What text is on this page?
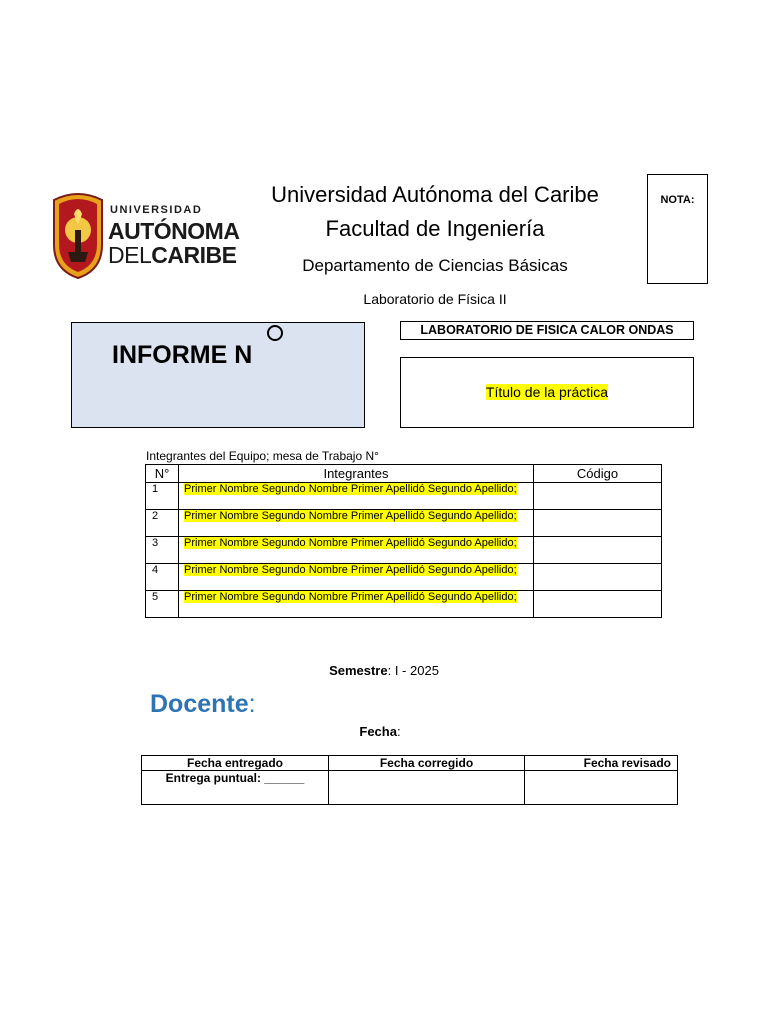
UNIVERSIDAD
AUTÓNOMA
DELCARIBE
Universidad Autónoma del Caribe
Facultad de Ingeniería
Departamento de Ciencias Básicas
Laboratorio de Física II
NOTA:
INFORME N
LABORATORIO DE FISICA CALOR ONDAS
Título de la práctica
Integrantes del Equipo; mesa de Trabajo N°
N°	Integrantes	Código
1	Primer Nombre Segundo Nombre Primer Apellidó Segundo Apellido;	
2	Primer Nombre Segundo Nombre Primer Apellidó Segundo Apellido;	
3	Primer Nombre Segundo Nombre Primer Apellidó Segundo Apellido;	
4	Primer Nombre Segundo Nombre Primer Apellidó Segundo Apellido;	
5	Primer Nombre Segundo Nombre Primer Apellidó Segundo Apellido;	
Semestre: I - 2025
Docente:
Fecha:
Fecha entregado	Fecha corregido	Fecha revisado
Entrega puntual: ______		
